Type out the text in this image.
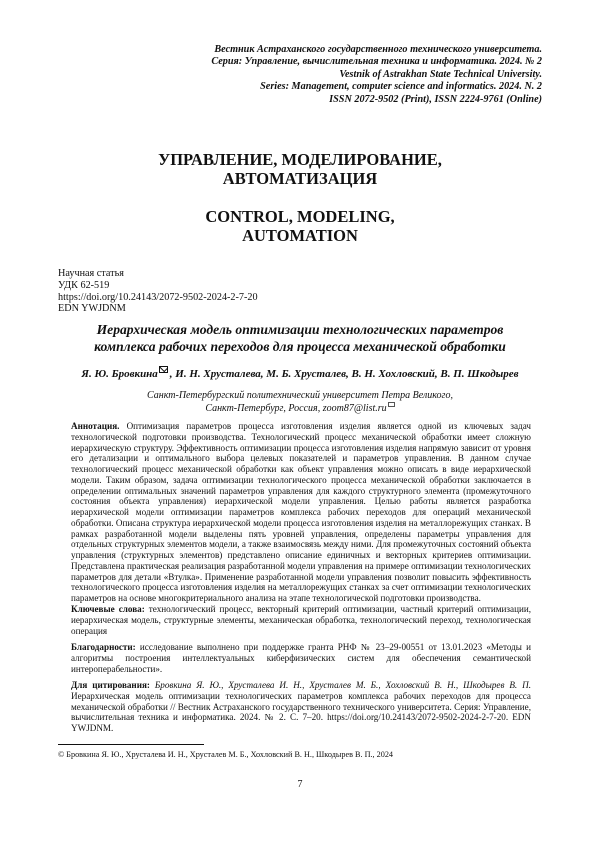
Вестник Астраханского государственного технического университета.
Серия: Управление, вычислительная техника и информатика. 2024. № 2
Vestnik of Astrakhan State Technical University.
Series: Management, computer science and informatics. 2024. N. 2
ISSN 2072-9502 (Print), ISSN 2224-9761 (Online)
УПРАВЛЕНИЕ, МОДЕЛИРОВАНИЕ,
АВТОМАТИЗАЦИЯ
CONTROL, MODELING,
AUTOMATION
Научная статья
УДК 62-519
https://doi.org/10.24143/2072-9502-2024-2-7-20
EDN YWJDNM
Иерархическая модель оптимизации технологических параметров
комплекса рабочих переходов для процесса механической обработки
Я. Ю. Бровкина , И. Н. Хрусталева, М. Б. Хрусталев, В. Н. Хохловский, В. П. Шкодырев
Санкт-Петербургский политехнический университет Петра Великого,
Санкт-Петербург, Россия, zoom87@list.ru
Аннотация. Оптимизация параметров процесса изготовления изделия является одной из ключевых задач технологической подготовки производства. Технологический процесс механической обработки имеет сложную иерархическую структуру. Эффективность оптимизации процесса изготовления изделия напрямую зависит от уровня его детализации и оптимального выбора целевых показателей и параметров управления. В данном случае технологический процесс механической обработки как объект управления можно описать в виде иерархической модели. Таким образом, задача оптимизации технологического процесса механической обработки заключается в определении оптимальных значений параметров управления для каждого структурного элемента (промежуточного состояния объекта управления) иерархической модели управления. Целью работы является разработка иерархической модели оптимизации параметров комплекса рабочих переходов для операций механической обработки. Описана структура иерархической модели процесса изготовления изделия на металлорежущих станках. В рамках разработанной модели выделены пять уровней управления, определены параметры управления для отдельных структурных элементов модели, а также взаимосвязь между ними. Для промежуточных состояний объекта управления (структурных элементов) представлено описание единичных и векторных критериев оптимизации. Представлена практическая реализация разработанной модели управления на примере оптимизации технологических параметров для детали «Втулка». Применение разработанной модели управления позволит повысить эффективность технологического процесса изготовления изделия на металлорежущих станках за счет оптимизации технологических параметров на основе многокритериального анализа на этапе технологической подготовки производства.
Ключевые слова: технологический процесс, векторный критерий оптимизации, частный критерий оптимизации, иерархическая модель, структурные элементы, механическая обработка, технологический переход, технологическая операция
Благодарности: исследование выполнено при поддержке гранта РНФ № 23–29-00551 от 13.01.2023 «Методы и алгоритмы построения интеллектуальных киберфизических систем для обеспечения семантической интероперабельности».
Для цитирования: Бровкина Я. Ю., Хрусталева И. Н., Хрусталев М. Б., Хохловский В. Н., Шкодырев В. П. Иерархическая модель оптимизации технологических параметров комплекса рабочих переходов для процесса механической обработки // Вестник Астраханского государственного технического университета. Серия: Управление, вычислительная техника и информатика. 2024. № 2. С. 7–20. https://doi.org/10.24143/2072-9502-2024-2-7-20. EDN YWJDNM.
© Бровкина Я. Ю., Хрусталева И. Н., Хрусталев М. Б., Хохловский В. Н., Шкодырев В. П., 2024
7
